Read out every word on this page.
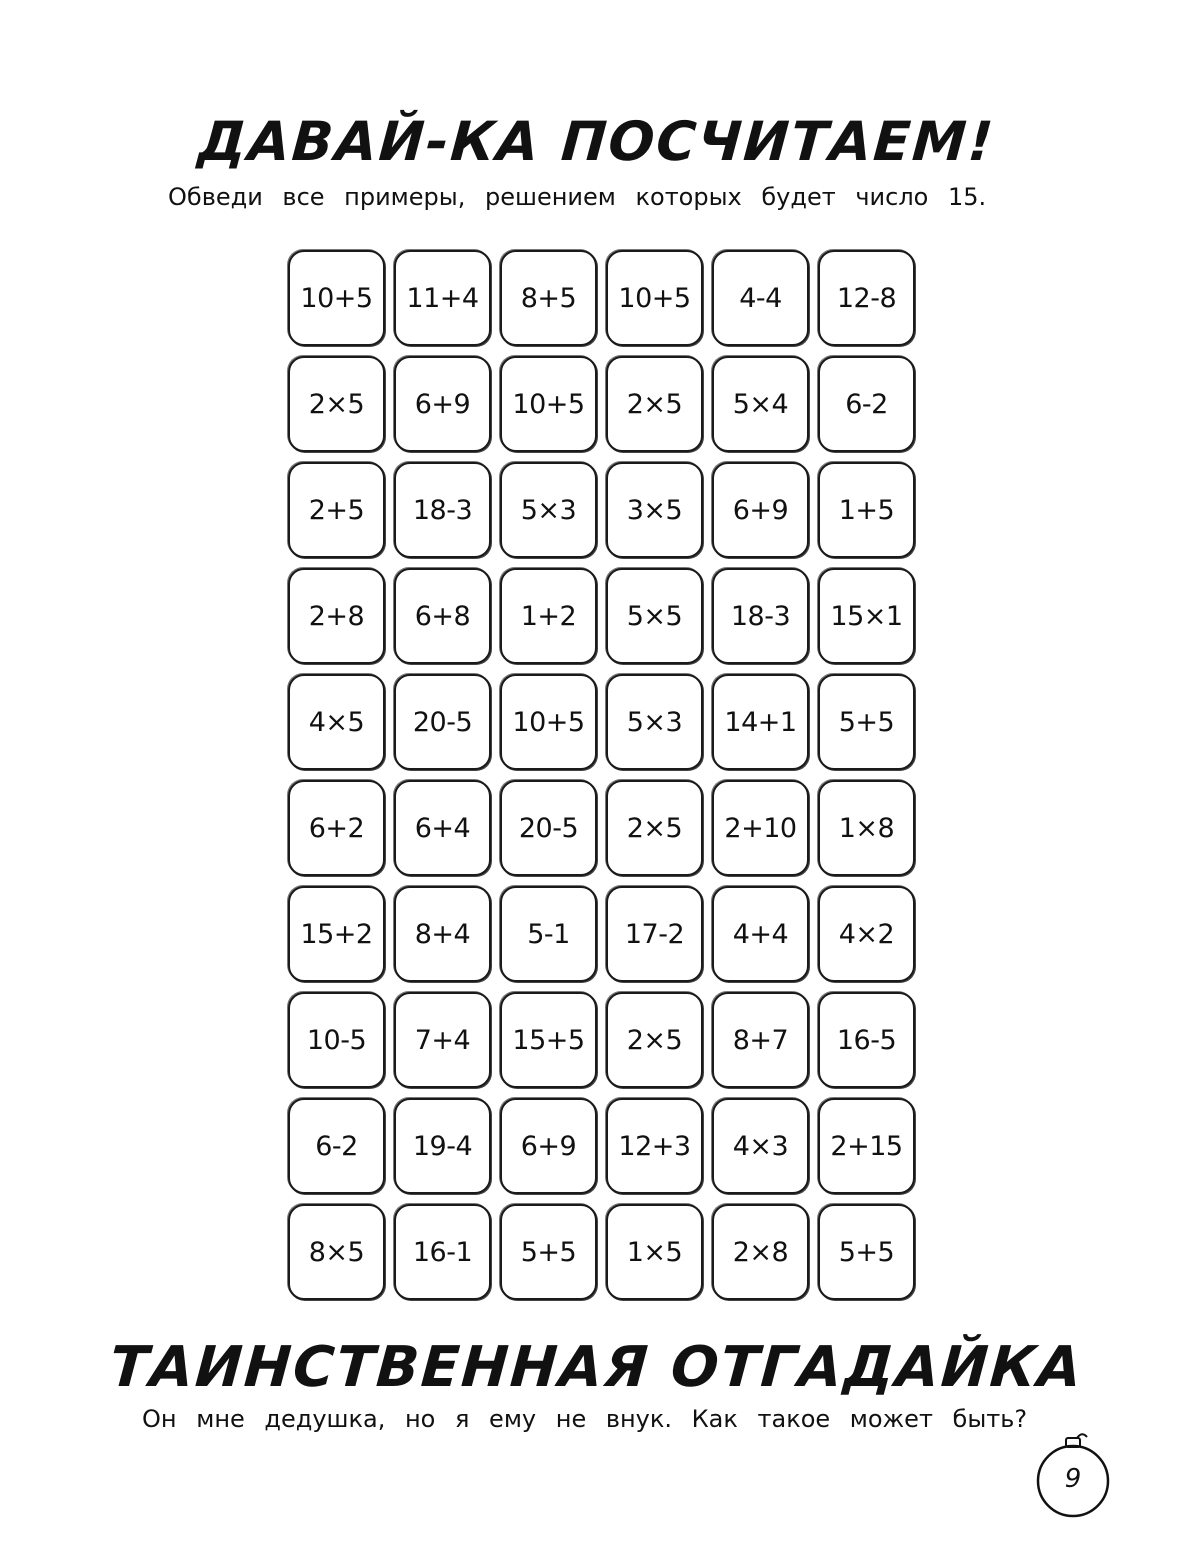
ДАВАЙ-КА ПОСЧИТАЕМ!

Обведи все примеры, решением которых будет число 15.

10+5	11+4	8+5	10+5	4-4	12-8
2×5	6+9	10+5	2×5	5×4	6-2
2+5	18-3	5×3	3×5	6+9	1+5
2+8	6+8	1+2	5×5	18-3	15×1
4×5	20-5	10+5	5×3	14+1	5+5
6+2	6+4	20-5	2×5	2+10	1×8
15+2	8+4	5-1	17-2	4+4	4×2
10-5	7+4	15+5	2×5	8+7	16-5
6-2	19-4	6+9	12+3	4×3	2+15
8×5	16-1	5+5	1×5	2×8	5+5
ТАИНСТВЕННАЯ ОТГАДАЙКА

Он мне дедушка, но я ему не внук. Как такое может быть?

9
